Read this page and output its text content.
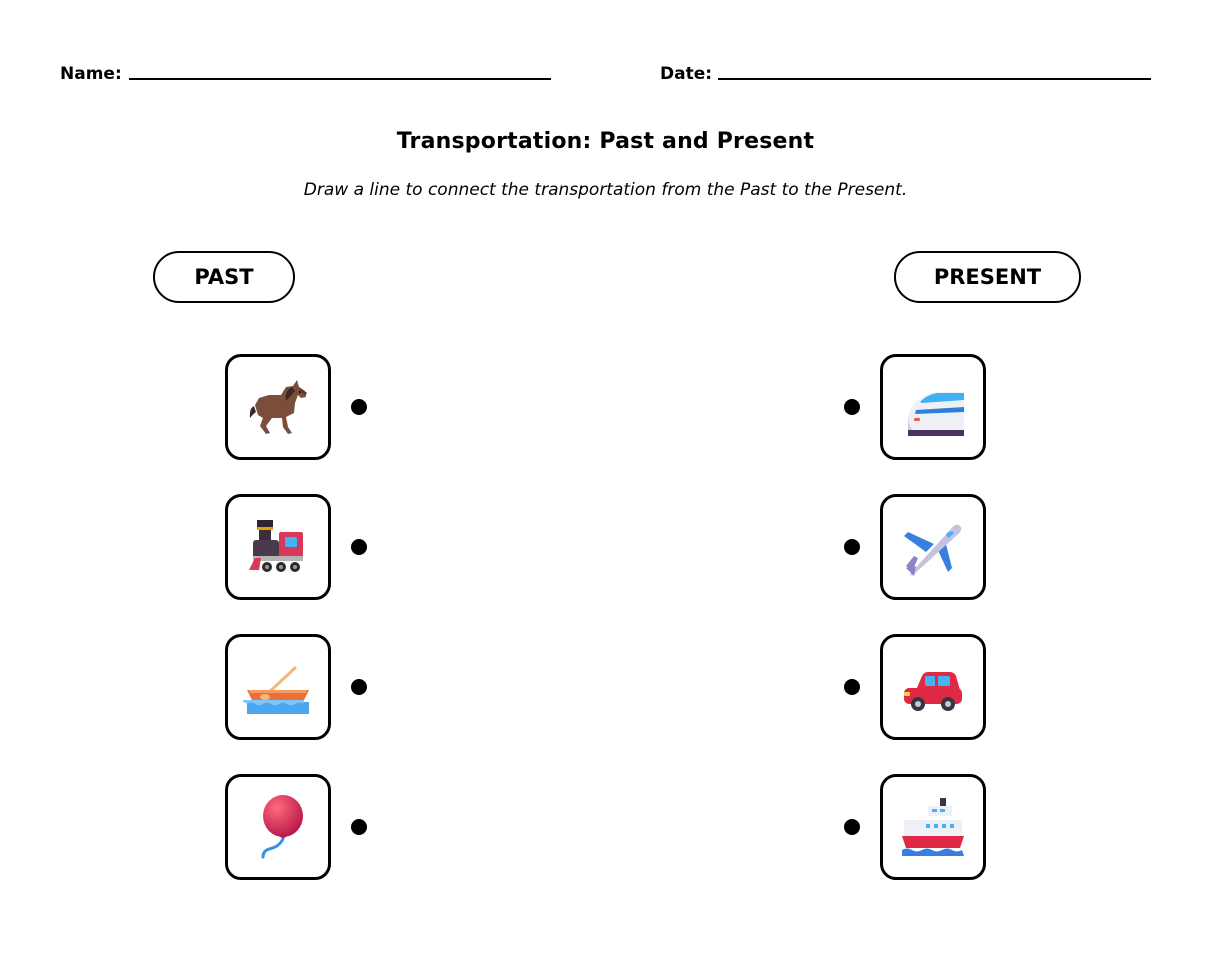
Name:	Date:
Transportation: Past and Present
Draw a line to connect the transportation from the Past to the Present.
PAST	PRESENT
